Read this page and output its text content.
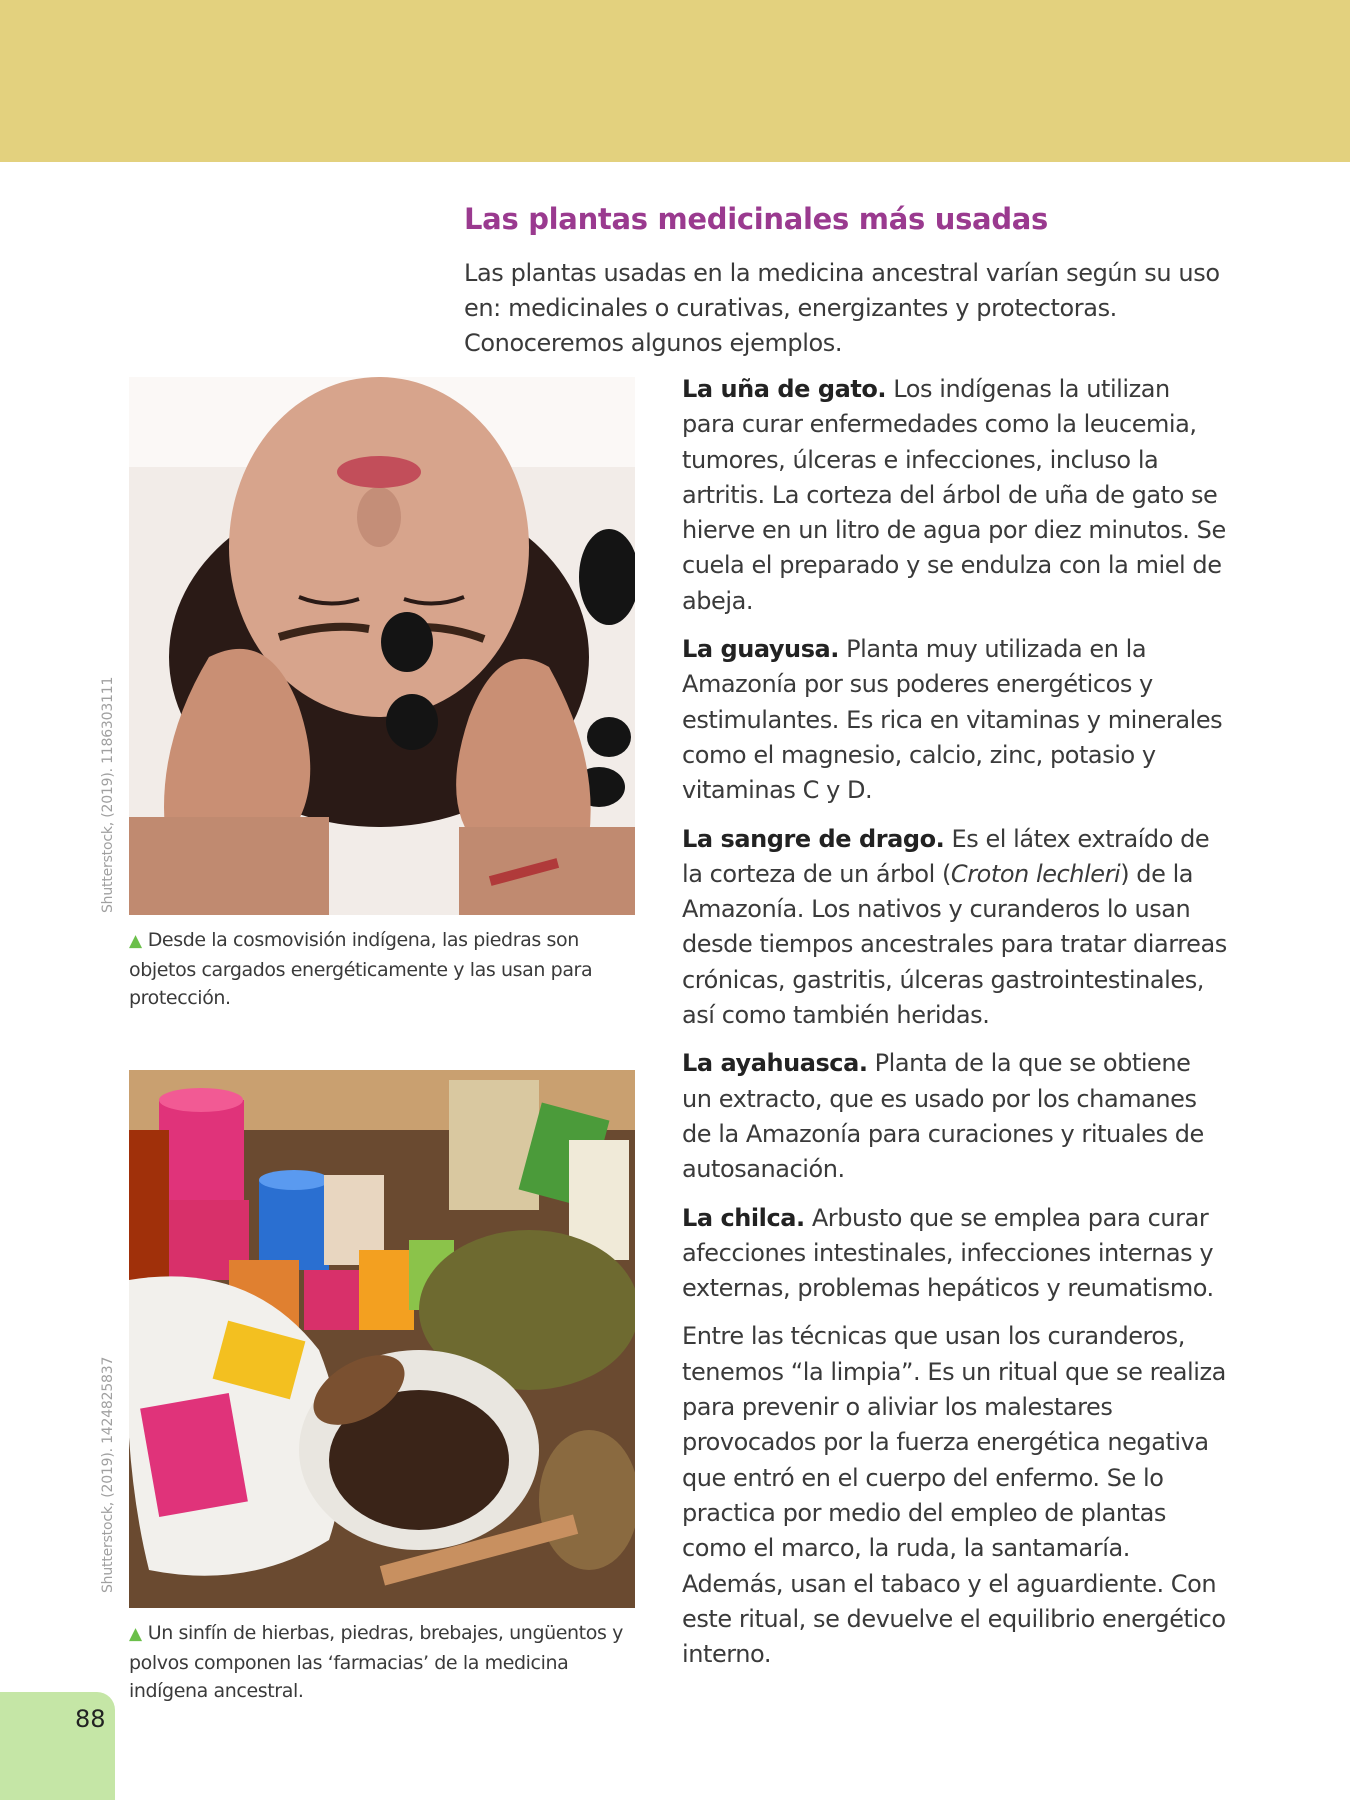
Las plantas medicinales más usadas

Las plantas usadas en la medicina ancestral varían según su uso en: medicinales o curativas, energizantes y protectoras. Conoceremos algunos ejemplos.

Shutterstock, (2019). 1186303111

▲ Desde la cosmovisión indígena, las piedras son objetos cargados energéticamente y las usan para protección.

Shutterstock, (2019). 1424825837

▲ Un sinfín de hierbas, piedras, brebajes, ungüentos y polvos componen las ‘farmacias’ de la medicina indígena ancestral.

La uña de gato. Los indígenas la utilizan para curar enfermedades como la leucemia, tumores, úlceras e infecciones, incluso la artritis. La corteza del árbol de uña de gato se hierve en un litro de agua por diez minutos. Se cuela el preparado y se endulza con la miel de abeja.

La guayusa. Planta muy utilizada en la Amazonía por sus poderes energéticos y estimulantes. Es rica en vitaminas y minerales como el magnesio, calcio, zinc, potasio y vitaminas C y D.

La sangre de drago. Es el látex extraído de la corteza de un árbol (Croton lechleri) de la Amazonía. Los nativos y curanderos lo usan desde tiempos ancestrales para tratar diarreas crónicas, gastritis, úlceras gastrointestinales, así como también heridas.

La ayahuasca. Planta de la que se obtiene un extracto, que es usado por los chamanes de la Amazonía para curaciones y rituales de autosanación.

La chilca. Arbusto que se emplea para curar afecciones intestinales, infecciones internas y externas, problemas hepáticos y reumatismo.

Entre las técnicas que usan los curanderos, tenemos “la limpia”. Es un ritual que se realiza para prevenir o aliviar los malestares provocados por la fuerza energética negativa que entró en el cuerpo del enfermo. Se lo practica por medio del empleo de plantas como el marco, la ruda, la santamaría. Además, usan el tabaco y el aguardiente. Con este ritual, se devuelve el equilibrio energético interno.

88
